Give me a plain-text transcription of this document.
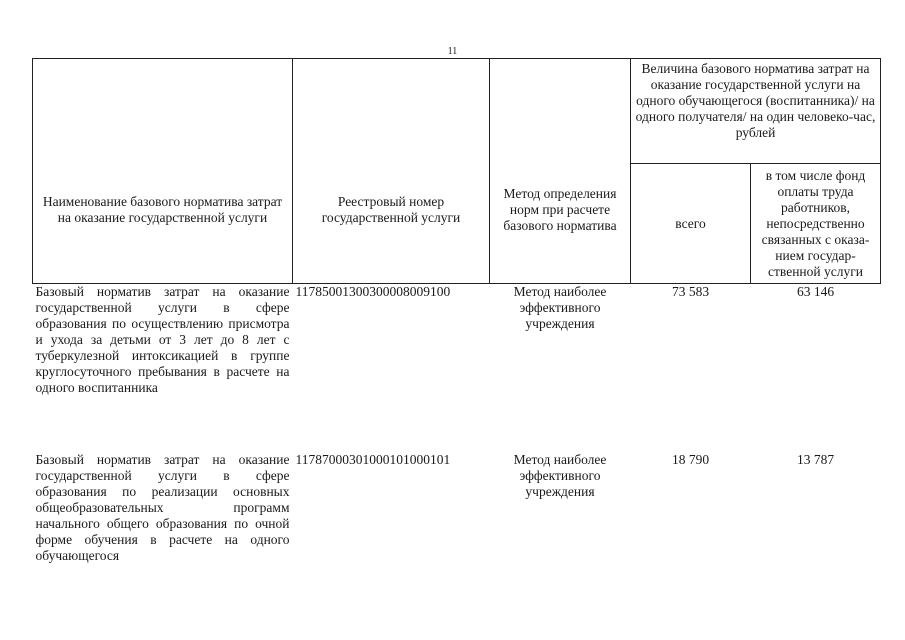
11
Наименование базового норматива затрат на оказание государственной услуги	Реестровый номер государственной услуги	Метод определения норм при расчете базового норматива	Величина базового норматива затрат на оказание государственной услуги на одного обучающегося (воспитанника)/ на одного получателя/ на один человеко-час, рублей	
			всего	в том числе фонд оплаты труда работников, непосредственно связанных с оказа-нием государ-ственной услуги
Базовый норматив затрат на оказание государственной услуги в сфере образования по осуществлению присмотра и ухода за детьми от 3 лет до 8 лет с туберкулезной интоксикацией в группе круглосуточного пребывания в расчете на одного воспитанника	11785001300300008009100	Метод наиболее эффективного учреждения	73 583	63 146

Базовый норматив затрат на оказание государственной услуги в сфере образования по реализации основных общеобразовательных программ начального общего образования по очной форме обучения в расчете на одного обучающегося	11787000301000101000101	Метод наиболее эффективного учреждения	18 790	13 787
